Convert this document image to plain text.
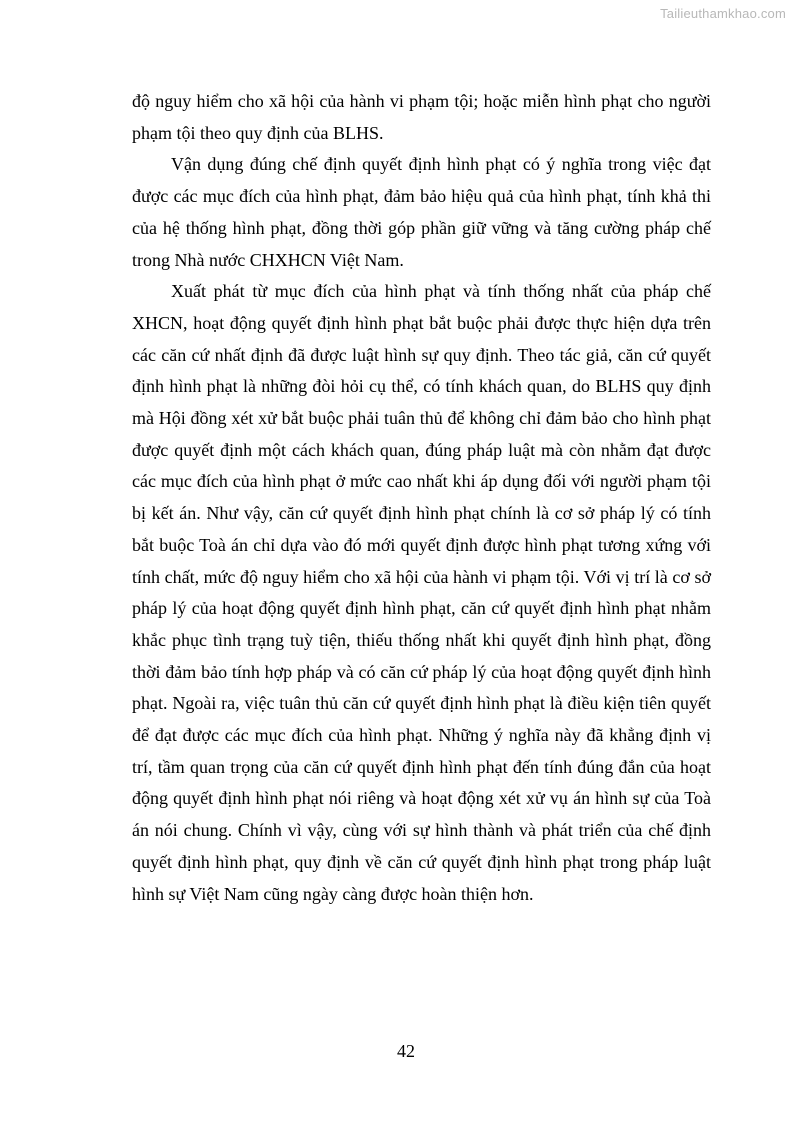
Tailieuthamkhao.com

độ nguy hiểm cho xã hội của hành vi phạm tội; hoặc miễn hình phạt cho người phạm tội theo quy định của BLHS.

Vận dụng đúng chế định quyết định hình phạt có ý nghĩa trong việc đạt được các mục đích của hình phạt, đảm bảo hiệu quả của hình phạt, tính khả thi của hệ thống hình phạt, đồng thời góp phần giữ vững và tăng cường pháp chế trong Nhà nước CHXHCN Việt Nam.

Xuất phát từ mục đích của hình phạt và tính thống nhất của pháp chế XHCN, hoạt động quyết định hình phạt bắt buộc phải được thực hiện dựa trên các căn cứ nhất định đã được luật hình sự quy định. Theo tác giả, căn cứ quyết định hình phạt là những đòi hỏi cụ thể, có tính khách quan, do BLHS quy định mà Hội đồng xét xử bắt buộc phải tuân thủ để không chỉ đảm bảo cho hình phạt được quyết định một cách khách quan, đúng pháp luật mà còn nhằm đạt được các mục đích của hình phạt ở mức cao nhất khi áp dụng đối với người phạm tội bị kết án. Như vậy, căn cứ quyết định hình phạt chính là cơ sở pháp lý có tính bắt buộc Toà án chỉ dựa vào đó mới quyết định được hình phạt tương xứng với tính chất, mức độ nguy hiểm cho xã hội của hành vi phạm tội. Với vị trí là cơ sở pháp lý của hoạt động quyết định hình phạt, căn cứ quyết định hình phạt nhằm khắc phục tình trạng tuỳ tiện, thiếu thống nhất khi quyết định hình phạt, đồng thời đảm bảo tính hợp pháp và có căn cứ pháp lý của hoạt động quyết định hình phạt. Ngoài ra, việc tuân thủ căn cứ quyết định hình phạt là điều kiện tiên quyết để đạt được các mục đích của hình phạt. Những ý nghĩa này đã khẳng định vị trí, tầm quan trọng của căn cứ quyết định hình phạt đến tính đúng đắn của hoạt động quyết định hình phạt nói riêng và hoạt động xét xử vụ án hình sự của Toà án nói chung. Chính vì vậy, cùng với sự hình thành và phát triển của chế định quyết định hình phạt, quy định về căn cứ quyết định hình phạt trong pháp luật hình sự Việt Nam cũng ngày càng được hoàn thiện hơn.

42
